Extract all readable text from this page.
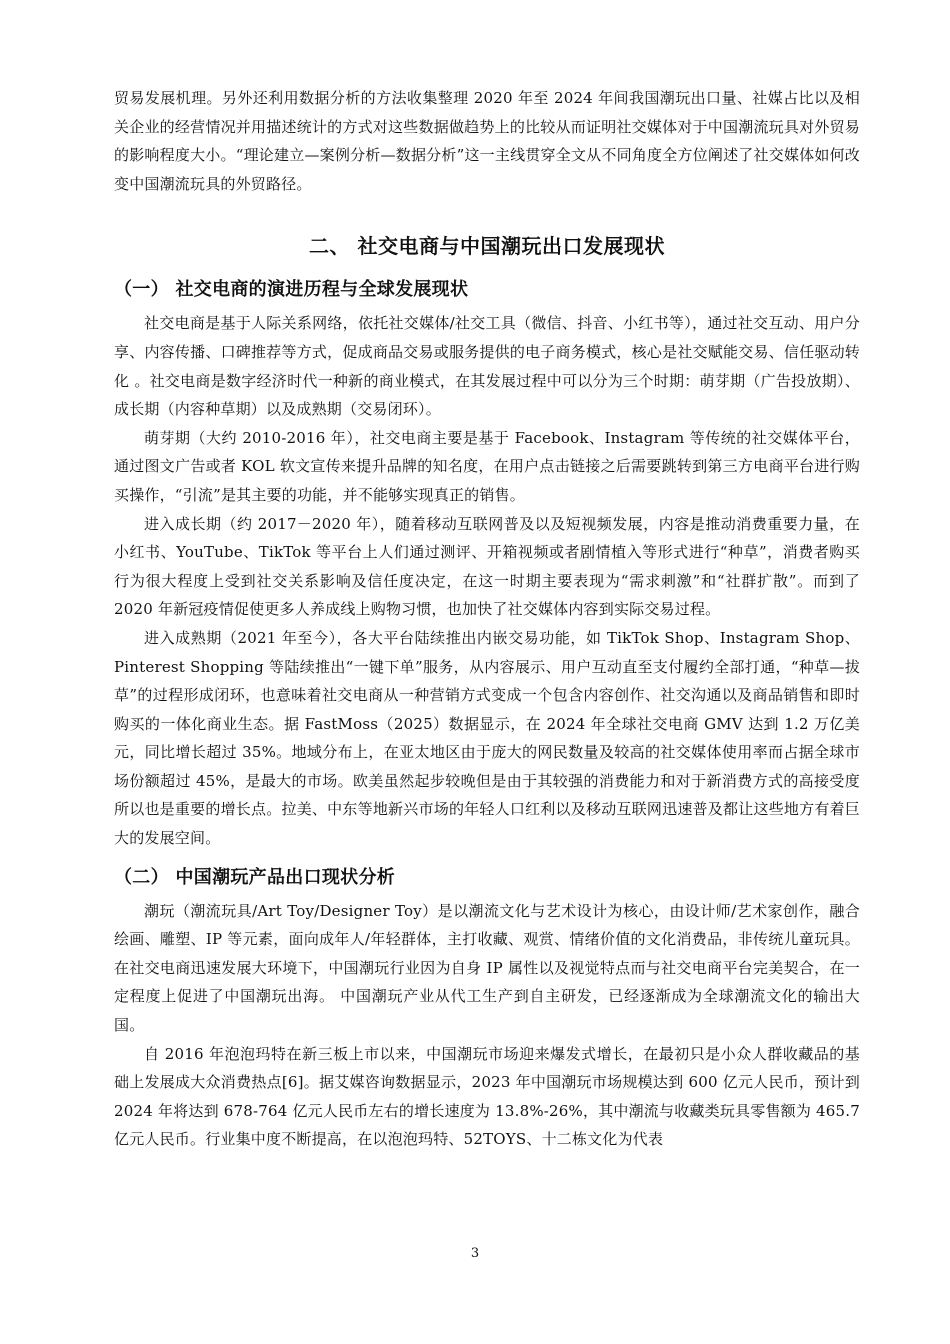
贸易发展机理。另外还利用数据分析的方法收集整理 2020 年至 2024 年间我国潮玩出口量、社媒占比以及相关企业的经营情况并用描述统计的方式对这些数据做趋势上的比较从而证明社交媒体对于中国潮流玩具对外贸易的影响程度大小。“理论建立—案例分析—数据分析”这一主线贯穿全文从不同角度全方位阐述了社交媒体如何改变中国潮流玩具的外贸路径。

二、 社交电商与中国潮玩出口发展现状
（一） 社交电商的演进历程与全球发展现状

社交电商是基于人际关系网络，依托社交媒体/社交工具（微信、抖音、小红书等），通过社交互动、用户分享、内容传播、口碑推荐等方式，促成商品交易或服务提供的电子商务模式，核心是社交赋能交易、信任驱动转化 。社交电商是数字经济时代一种新的商业模式，在其发展过程中可以分为三个时期：萌芽期（广告投放期）、成长期（内容种草期）以及成熟期（交易闭环）。

萌芽期（大约 2010-2016 年），社交电商主要是基于 Facebook、Instagram 等传统的社交媒体平台，通过图文广告或者 KOL 软文宣传来提升品牌的知名度，在用户点击链接之后需要跳转到第三方电商平台进行购买操作，“引流”是其主要的功能，并不能够实现真正的销售。

进入成长期（约 2017－2020 年），随着移动互联网普及以及短视频发展，内容是推动消费重要力量，在小红书、YouTube、TikTok 等平台上人们通过测评、开箱视频或者剧情植入等形式进行“种草”，消费者购买行为很大程度上受到社交关系影响及信任度决定，在这一时期主要表现为“需求刺激”和“社群扩散”。而到了 2020 年新冠疫情促使更多人养成线上购物习惯，也加快了社交媒体内容到实际交易过程。

进入成熟期（2021 年至今），各大平台陆续推出内嵌交易功能，如 TikTok Shop、Instagram Shop、Pinterest Shopping 等陆续推出“一键下单”服务，从内容展示、用户互动直至支付履约全部打通，“种草—拔草”的过程形成闭环，也意味着社交电商从一种营销方式变成一个包含内容创作、社交沟通以及商品销售和即时购买的一体化商业生态。据 FastMoss（2025）数据显示，在 2024 年全球社交电商 GMV 达到 1.2 万亿美元，同比增长超过 35%。地域分布上，在亚太地区由于庞大的网民数量及较高的社交媒体使用率而占据全球市场份额超过 45%，是最大的市场。欧美虽然起步较晚但是由于其较强的消费能力和对于新消费方式的高接受度所以也是重要的增长点。拉美、中东等地新兴市场的年轻人口红利以及移动互联网迅速普及都让这些地方有着巨大的发展空间。

（二） 中国潮玩产品出口现状分析

潮玩（潮流玩具/Art Toy/Designer Toy）是以潮流文化与艺术设计为核心，由设计师/艺术家创作，融合绘画、雕塑、IP 等元素，面向成年人/年轻群体，主打收藏、观赏、情绪价值的文化消费品，非传统儿童玩具。在社交电商迅速发展大环境下，中国潮玩行业因为自身 IP 属性以及视觉特点而与社交电商平台完美契合，在一定程度上促进了中国潮玩出海。 中国潮玩产业从代工生产到自主研发，已经逐渐成为全球潮流文化的输出大国。

自 2016 年泡泡玛特在新三板上市以来，中国潮玩市场迎来爆发式增长，在最初只是小众人群收藏品的基础上发展成大众消费热点[6]。据艾媒咨询数据显示，2023 年中国潮玩市场规模达到 600 亿元人民币，预计到 2024 年将达到 678-764 亿元人民币左右的增长速度为 13.8%-26%，其中潮流与收藏类玩具零售额为 465.7 亿元人民币。行业集中度不断提高，在以泡泡玛特、52TOYS、十二栋文化为代表

3
